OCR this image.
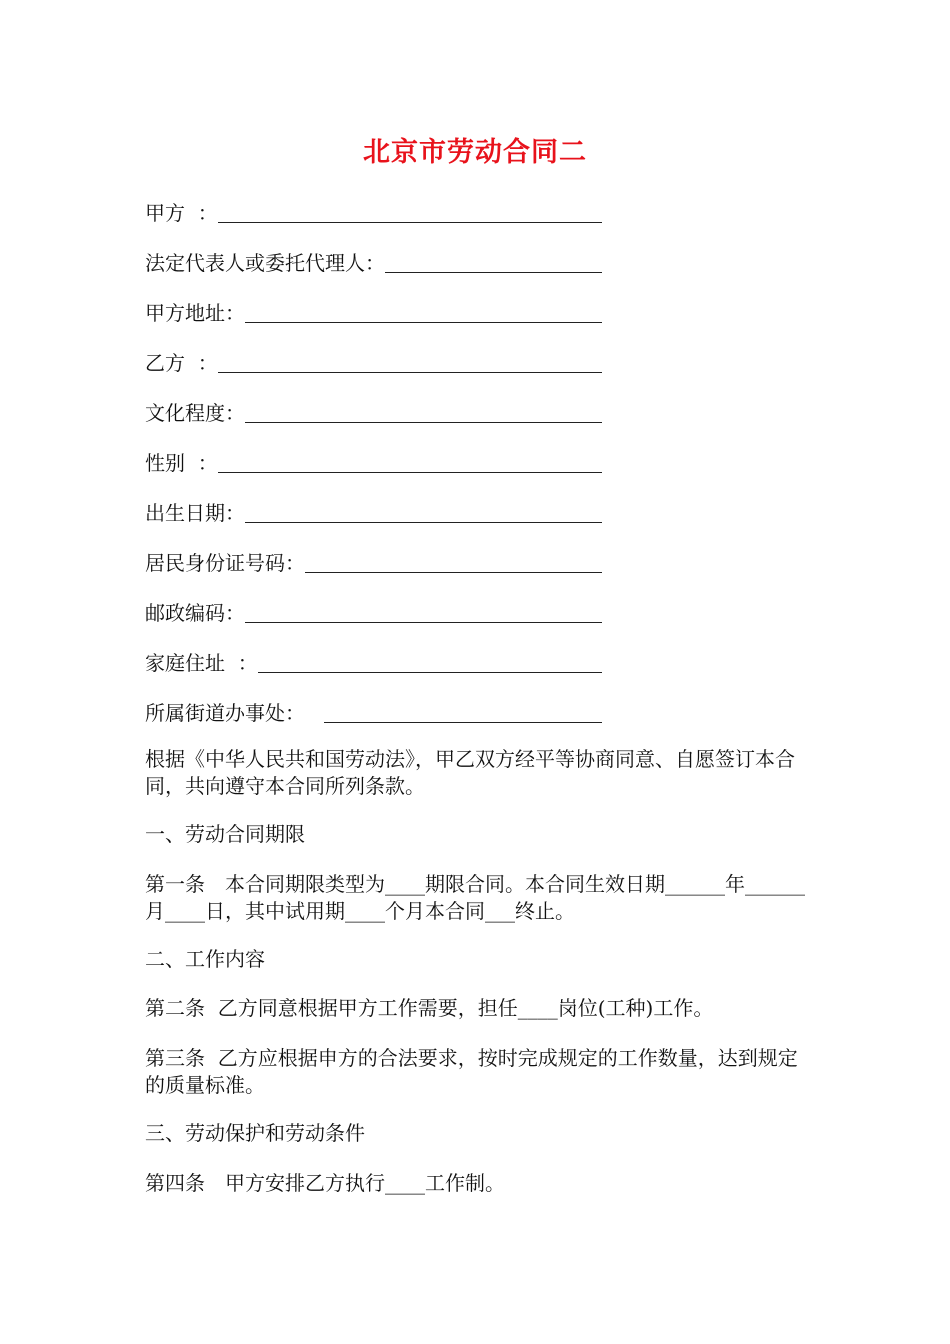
北京市劳动合同二
甲方  ：
法定代表人或委托代理人：
甲方地址：
乙方  ：
文化程度：
性别  ：
出生日期：
居民身份证号码：
邮政编码：
家庭住址  ：
所属街道办事处：
根据《中华人民共和国劳动法》，甲乙双方经平等协商同意、自愿签订本合同，共向遵守本合同所列条款。
一、劳动合同期限
第一条　本合同期限类型为____期限合同。本合同生效日期______年______月____日，其中试用期____个月本合同___终止。
二、工作内容
第二条  乙方同意根据甲方工作需要，担任____岗位(工种)工作。
第三条  乙方应根据申方的合法要求，按时完成规定的工作数量，达到规定的质量标准。
三、劳动保护和劳动条件
第四条　甲方安排乙方执行____工作制。
